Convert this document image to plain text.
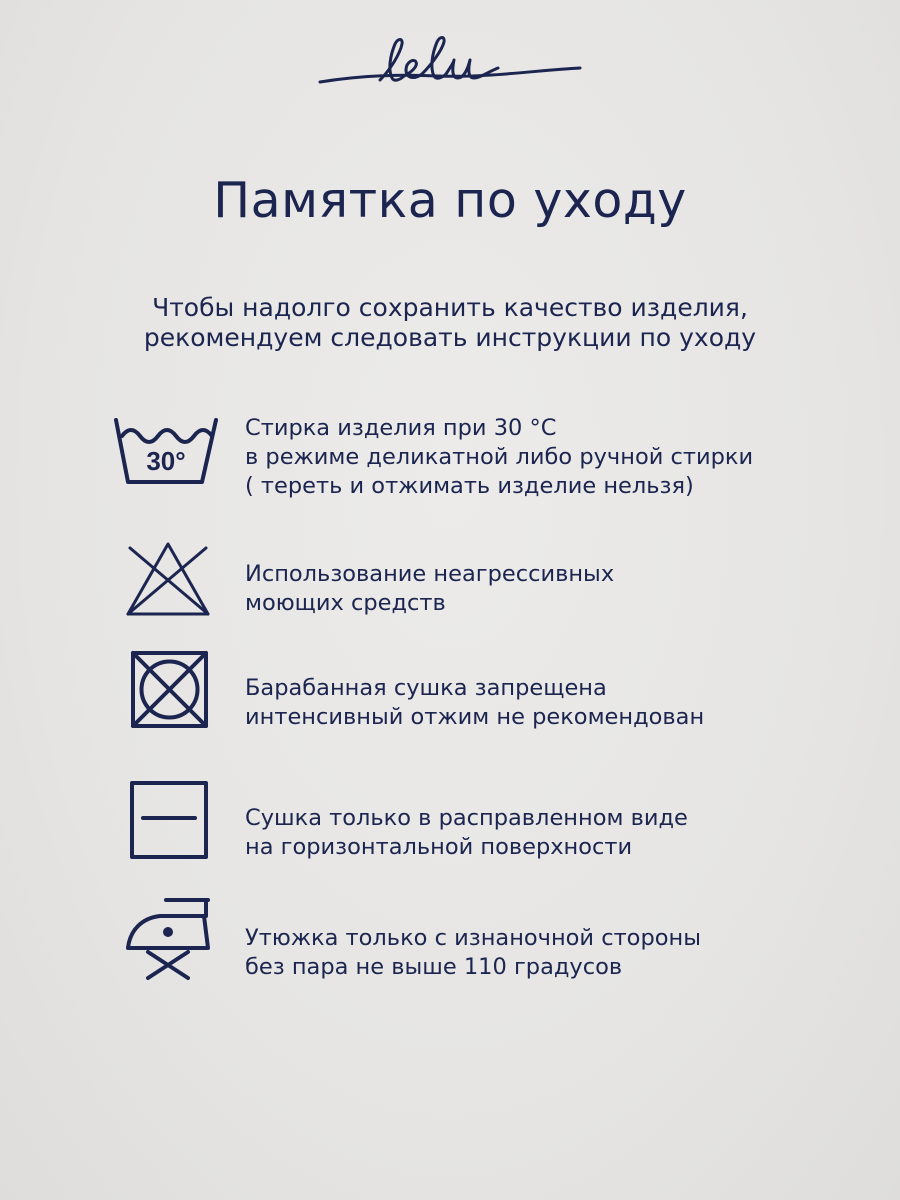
Памятка по уходу
Чтобы надолго сохранить качество изделия,
рекомендуем следовать инструкции по уходу
30°
Стирка изделия при 30 °С
в режиме деликатной либо ручной стирки
( тереть и отжимать изделие нельзя)
Использование неагрессивных
моющих средств
Барабанная сушка запрещена
интенсивный отжим не рекомендован
Сушка только в расправленном виде
на горизонтальной поверхности
Утюжка только с изнаночной стороны
без пара не выше 110 градусов
